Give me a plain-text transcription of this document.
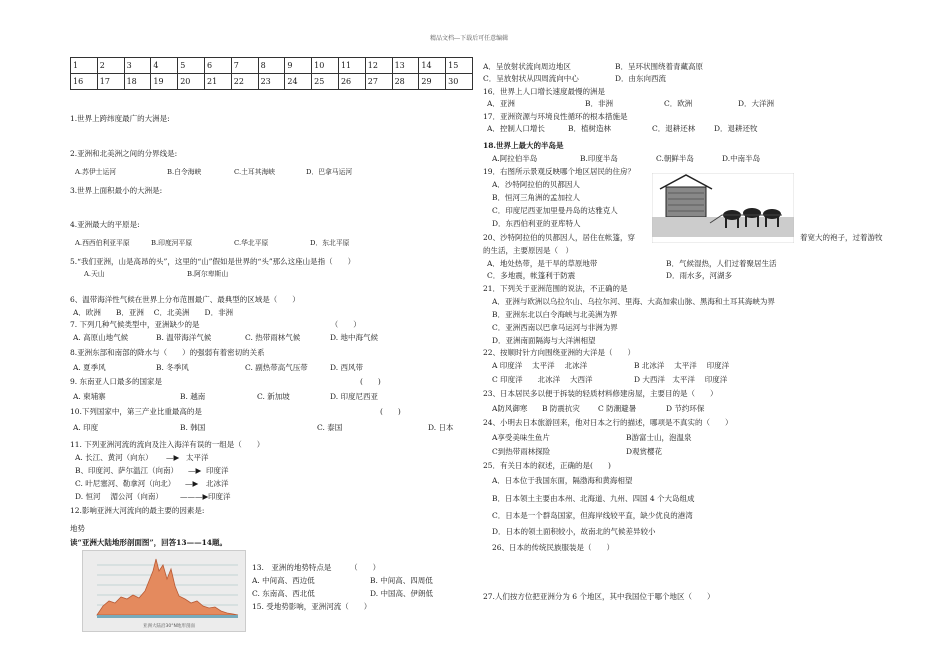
精品文档---下载后可任意编辑
1	2	3	4	5	6	7	8	9	10	11	12	13	14	15
16	17	18	19	20	21	22	23	24	25	26	27	28	29	30
1.世界上跨纬度最广的大洲是:
2.亚洲和北美洲之间的分界线是:
A.苏伊士运河	B.白令海峡	C.土耳其海峡	D．巴拿马运河
3.世界上面积最小的大洲是:
4.亚洲最大的平原是:
A.西西伯利亚平原	B.印度河平原	C.华北平原	D．东北平原
5.“我们亚洲，山是高昂的头”，这里的“山”假如是世界的“头”那么这座山是指（　　）
A.天山	B.阿尔卑斯山
6、温带海洋性气候在世界上分布范围最广、最典型的区域是（　　）
A．欧洲　　B．亚洲　 C．北美洲　　D．非洲
7. 下列几种气候类型中，亚洲缺少的是　　　　　　　　　　　　　　　　　　（　　）
A. 高原山地气候	B. 温带海洋气候	C. 热带雨林气候	D. 地中海气候
8.亚洲东部和南部的降水与（　　）的强弱有着密切的关系
A. 夏季风	B. 冬季风	C. 副热带高气压带	D. 西风带
9. 东南亚人口最多的国家是	(　　)
A. 柬埔寨	B. 越南	C. 新加坡	D. 印度尼西亚
10.下列国家中，第三产业比重最高的是	(　　)
A. 印度	B. 韩国	C. 泰国	D. 日本
11. 下列亚洲河流的流向及注入海洋有误的一组是（　　）
A. 长江、黄河（向东） —▶ 太平洋
B、印度河、萨尔温江（向南） —▶ 印度洋
C. 叶尼塞河、勒拿河（向北） —▶ 北冰洋
D. 恒河　 湄公河（向南） ———▶ 印度洋
12.影响亚洲大河流向的最主要的因素是:
地势
读“亚洲大陆地形剖面图”，回答13——14题。
亚洲大陆沿30°N地形剖面
13.　亚洲的地势特点是　　　（　　）
A. 中间高、西边低	B. 中间高、四周低
C. 东南高、西北低	D. 中国高、伊朗低
15. 受地势影响，亚洲河流（　　）
A．呈放射状流向周边地区	B．呈环状围绕着青藏高原
C．呈放射状从四周流向中心	D．由东向西流
16．世界上人口增长速度最慢的洲是
A．亚洲	B．非洲	C．欧洲	D．大洋洲
17．亚洲资源与环境良性循环的根本措施是
A．控制人口增长	B．植树造林	C．退耕还林	D．退耕还牧
18.世界上最大的半岛是
A.阿拉伯半岛	B.印度半岛	C.朝鲜半岛	D.中南半岛
19．右图所示景观反映哪个地区居民的住房？
A．沙特阿拉伯的贝都因人
B．恒河三角洲的孟加拉人
C．印度尼西亚加里曼丹岛的达雅克人
D．东西伯利亚的亚库特人
20、沙特阿拉伯的贝都因人，居住在帐篷，穿	着宽大的袍子，过着游牧
的生活，主要原因是（　）
A．地处热带，是干旱的草原地带	B．气候湿热，人们过着聚居生活
C．多地震，帐篷利于防震	D．雨水多，河湖多
21．下列关于亚洲范围的说法，不正确的是
A．亚洲与欧洲以乌拉尔山、乌拉尔河、里海、大高加索山脉、黑海和土耳其海峡为界
B．亚洲东北以白令海峡与北美洲为界
C．亚洲西南以巴拿马运河与非洲为界
D．亚洲南面隔海与大洋洲相望
22、按顺时针方向围绕亚洲的大洋是（　　）
A 印度洋　 太平洋　 北冰洋	B 北冰洋　 太平洋　 印度洋
C 印度洋　　北冰洋　 大西洋	D 大西洋　太平洋　 印度洋
23、日本居民多以便于拆装的轻质材料修建房屋，主要目的是（　　）
A防风御寒 B 防震抗灾 C 防潮避暑	D 节约环保
24、小明去日本旅游回来，他对日本之行的描述，哪项是不真实的（　　）
A享受美味生鱼片	B游富士山，泡温泉
C到热带雨林探险	D观赏樱花
25．有关日本的叙述，正确的是(　　)
A．日本位于我国东面，隔渤海和黄海相望
B．日本领土主要由本州、北海道、九州、四国 4 个大岛组成
C．日本是一个群岛国家，但海岸线较平直，缺少优良的港湾
D．日本的领土面积较小，故南北的气候差异较小
26、日本的传统民族服装是（　　）
27.人们按方位把亚洲分为 6 个地区，其中我国位于哪个地区（　　）
